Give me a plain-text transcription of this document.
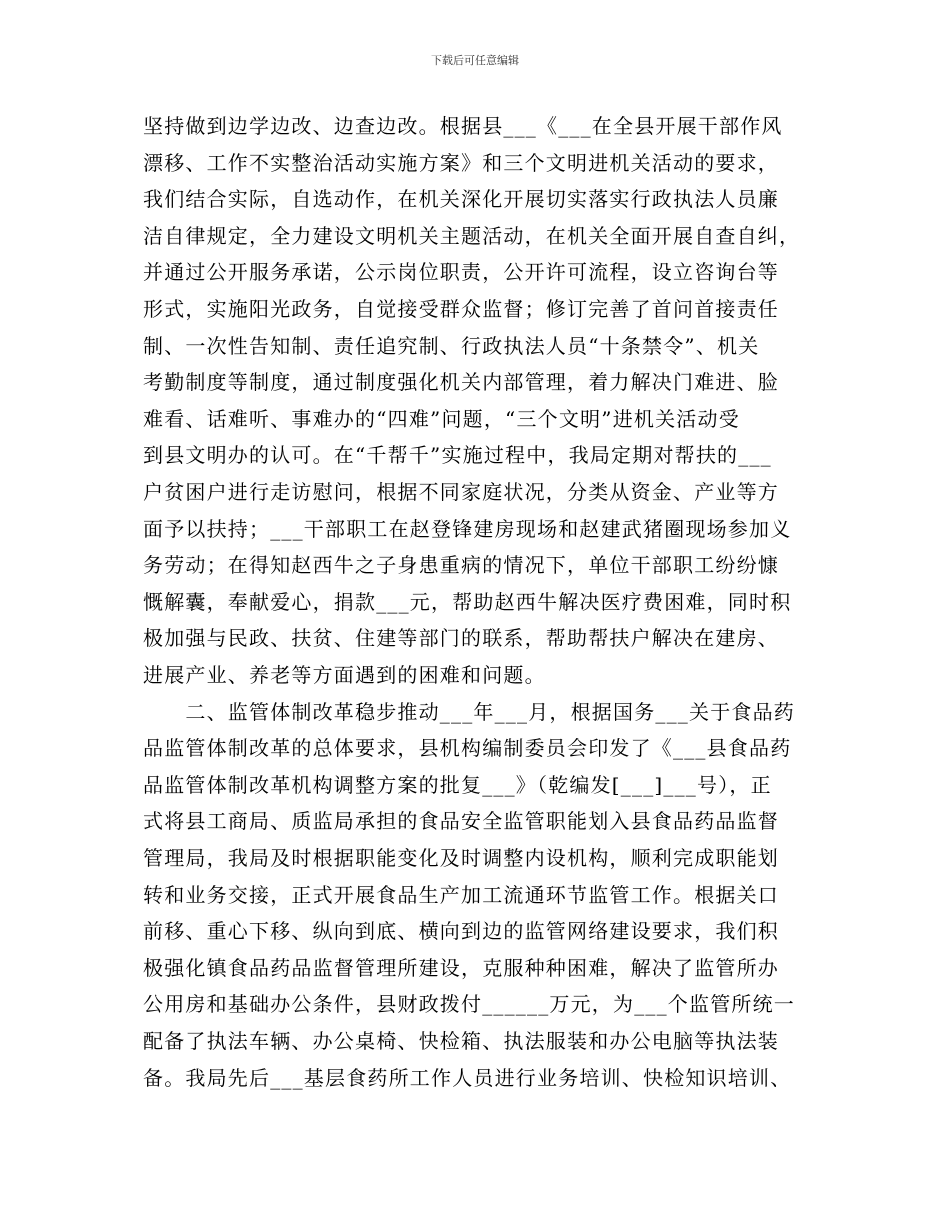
下载后可任意编辑
坚持做到边学边改、边查边改。根据县___《___在全县开展干部作风
漂移、工作不实整治活动实施方案》和三个文明进机关活动的要求，
我们结合实际，自选动作，在机关深化开展切实落实行政执法人员廉
洁自律规定，全力建设文明机关主题活动，在机关全面开展自查自纠，
并通过公开服务承诺，公示岗位职责，公开许可流程，设立咨询台等
形式，实施阳光政务，自觉接受群众监督；修订完善了首问首接责任
制、一次性告知制、责任追究制、行政执法人员“十条禁令”、机关
考勤制度等制度，通过制度强化机关内部管理，着力解决门难进、脸
难看、话难听、事难办的“四难”问题，“三个文明”进机关活动受
到县文明办的认可。在“千帮千”实施过程中，我局定期对帮扶的___
户贫困户进行走访慰问，根据不同家庭状况，分类从资金、产业等方
面予以扶持；___干部职工在赵登锋建房现场和赵建武猪圈现场参加义
务劳动；在得知赵西牛之子身患重病的情况下，单位干部职工纷纷慷
慨解囊，奉献爱心，捐款___元，帮助赵西牛解决医疗费困难，同时积
极加强与民政、扶贫、住建等部门的联系，帮助帮扶户解决在建房、
进展产业、养老等方面遇到的困难和问题。
　　二、监管体制改革稳步推动___年___月，根据国务___关于食品药
品监管体制改革的总体要求，县机构编制委员会印发了《___县食品药
品监管体制改革机构调整方案的批复___》（乾编发[___]___号），正
式将县工商局、质监局承担的食品安全监管职能划入县食品药品监督
管理局，我局及时根据职能变化及时调整内设机构，顺利完成职能划
转和业务交接，正式开展食品生产加工流通环节监管工作。根据关口
前移、重心下移、纵向到底、横向到边的监管网络建设要求，我们积
极强化镇食品药品监督管理所建设，克服种种困难，解决了监管所办
公用房和基础办公条件，县财政拨付______万元，为___个监管所统一
配备了执法车辆、办公桌椅、快检箱、执法服装和办公电脑等执法装
备。我局先后___基层食药所工作人员进行业务培训、快检知识培训、
